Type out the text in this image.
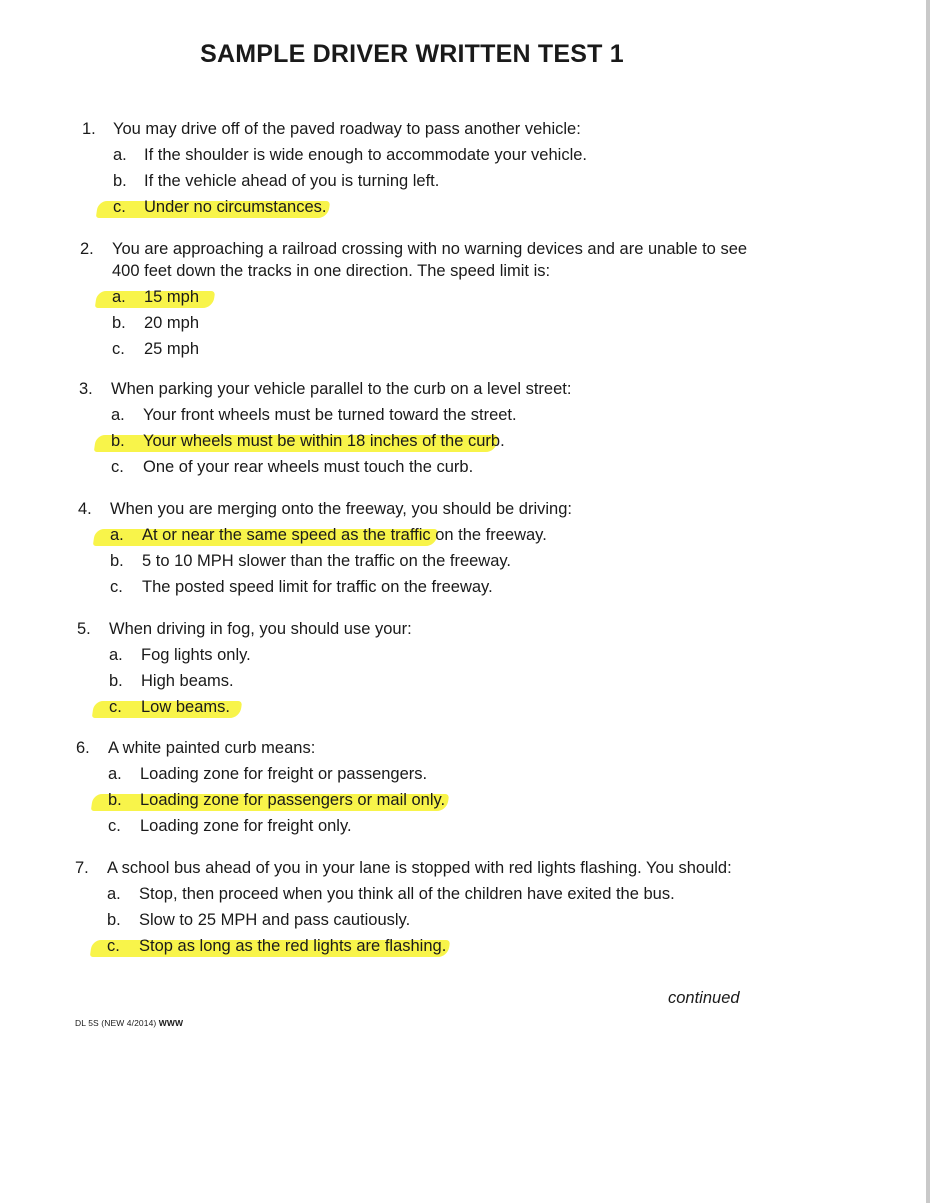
SAMPLE DRIVER WRITTEN TEST 1
1. You may drive off of the paved roadway to pass another vehicle:
a. If the shoulder is wide enough to accommodate your vehicle.
b. If the vehicle ahead of you is turning left.
c. Under no circumstances.
2. You are approaching a railroad crossing with no warning devices and are unable to see
400 feet down the tracks in one direction. The speed limit is:
a. 15 mph
b. 20 mph
c. 25 mph
3. When parking your vehicle parallel to the curb on a level street:
a. Your front wheels must be turned toward the street.
b. Your wheels must be within 18 inches of the curb.
c. One of your rear wheels must touch the curb.
4. When you are merging onto the freeway, you should be driving:
a. At or near the same speed as the traffic on the freeway.
b. 5 to 10 MPH slower than the traffic on the freeway.
c. The posted speed limit for traffic on the freeway.
5. When driving in fog, you should use your:
a. Fog lights only.
b. High beams.
c. Low beams.
6. A white painted curb means:
a. Loading zone for freight or passengers.
b. Loading zone for passengers or mail only.
c. Loading zone for freight only.
7. A school bus ahead of you in your lane is stopped with red lights flashing. You should:
a. Stop, then proceed when you think all of the children have exited the bus.
b. Slow to 25 MPH and pass cautiously.
c. Stop as long as the red lights are flashing.
continued
DL 5S (NEW 4/2014) WWW
